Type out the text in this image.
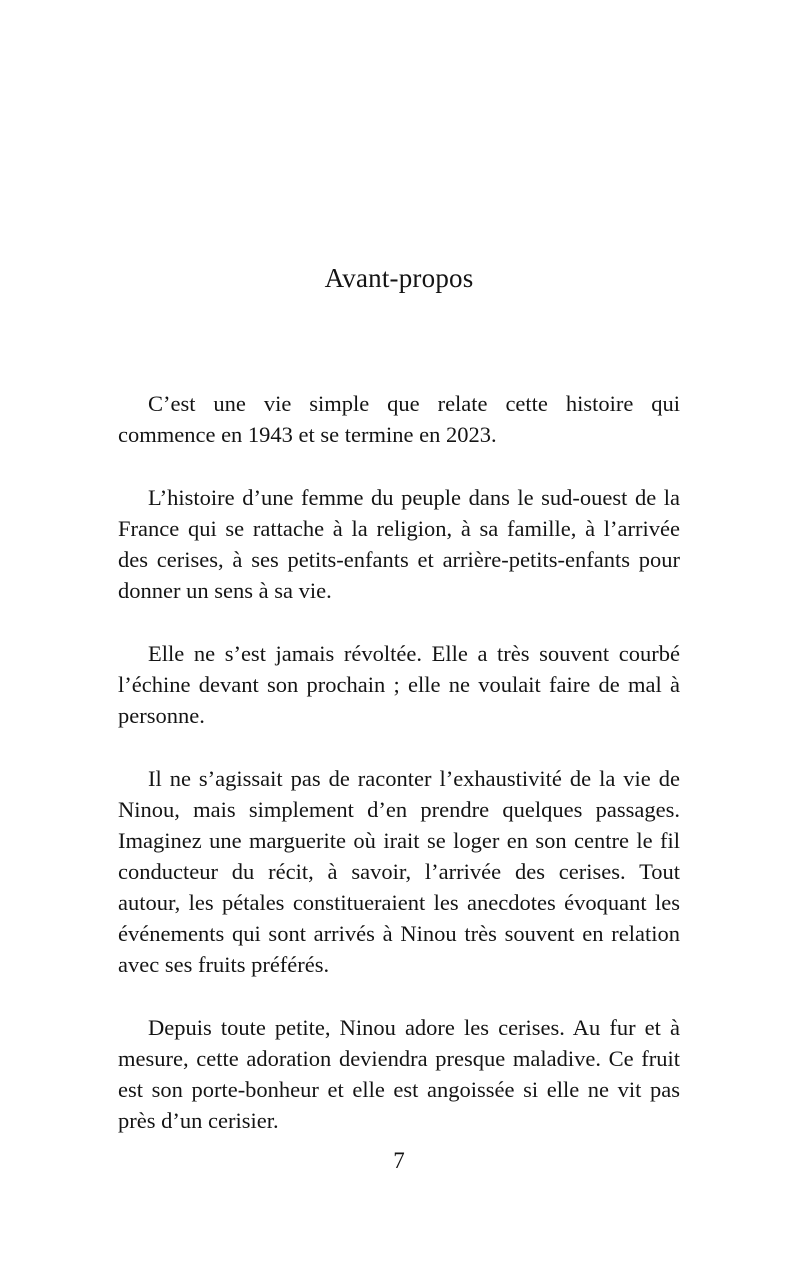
Avant-propos

C’est une vie simple que relate cette histoire qui commence en 1943 et se termine en 2023.

L’histoire d’une femme du peuple dans le sud-ouest de la France qui se rattache à la religion, à sa famille, à l’arrivée des cerises, à ses petits-enfants et arrière-petits-enfants pour donner un sens à sa vie.

Elle ne s’est jamais révoltée. Elle a très souvent courbé l’échine devant son prochain ; elle ne voulait faire de mal à personne.

Il ne s’agissait pas de raconter l’exhaustivité de la vie de Ninou, mais simplement d’en prendre quelques passages. Imaginez une marguerite où irait se loger en son centre le fil conducteur du récit, à savoir, l’arrivée des cerises. Tout autour, les pétales constitueraient les anecdotes évoquant les événements qui sont arrivés à Ninou très souvent en relation avec ses fruits préférés.

Depuis toute petite, Ninou adore les cerises. Au fur et à mesure, cette adoration deviendra presque maladive. Ce fruit est son porte-bonheur et elle est angoissée si elle ne vit pas près d’un cerisier.

7
